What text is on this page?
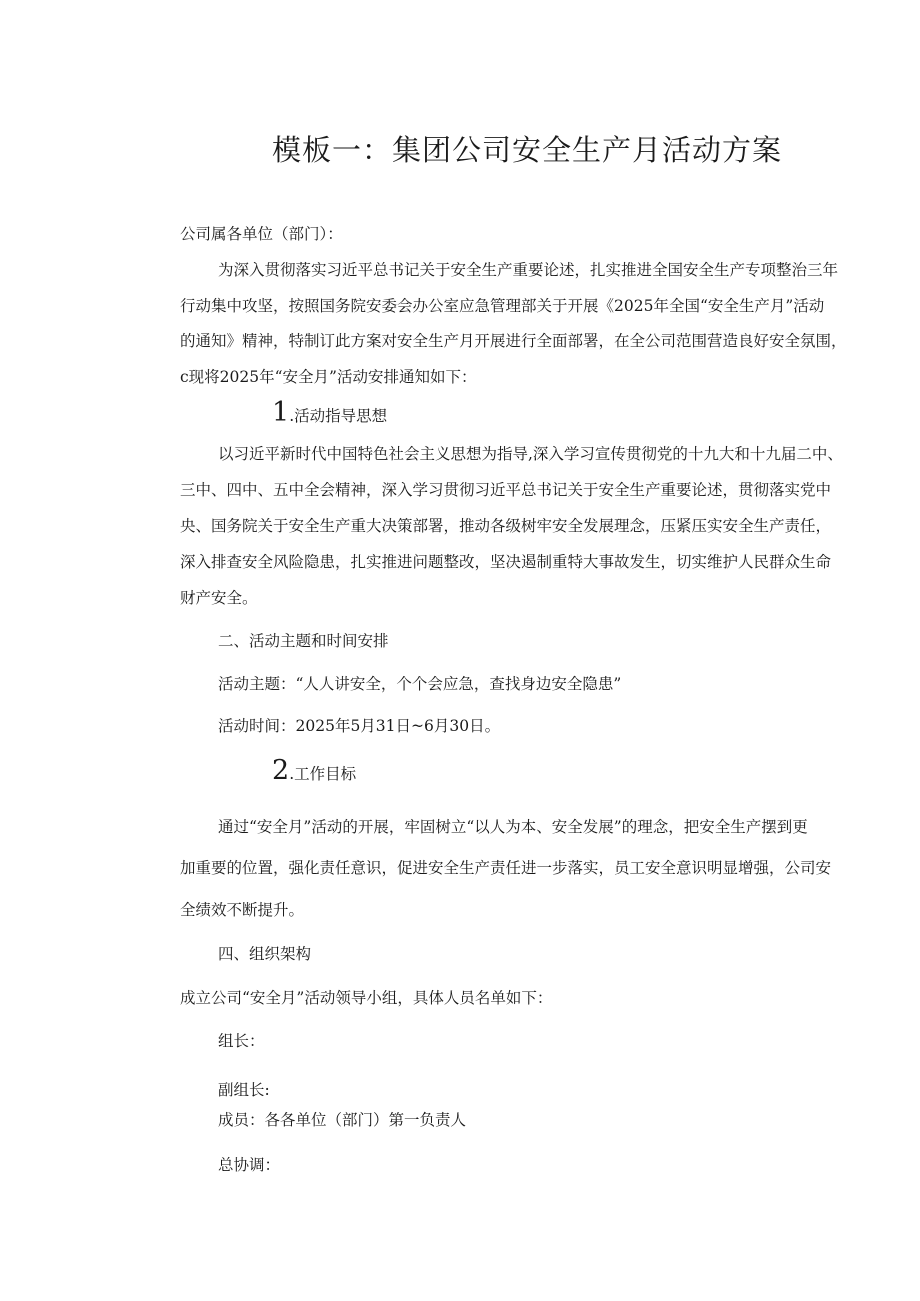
模板一：集团公司安全生产月活动方案
公司属各单位（部门）：
为深入贯彻落实习近平总书记关于安全生产重要论述，扎实推进全国安全生产专项整治三年
行动集中攻坚，按照国务院安委会办公室应急管理部关于开展《2025年全国“安全生产月”活动
的通知》精神，特制订此方案对安全生产月开展进行全面部署，在全公司范围营造良好安全氛围，
c现将2025年“安全月”活动安排通知如下：
1.活动指导思想
以习近平新时代中国特色社会主义思想为指导,深入学习宣传贯彻党的十九大和十九届二中、
三中、四中、五中全会精神，深入学习贯彻习近平总书记关于安全生产重要论述，贯彻落实党中
央、国务院关于安全生产重大决策部署，推动各级树牢安全发展理念，压紧压实安全生产责任，
深入排查安全风险隐患，扎实推进问题整改，坚决遏制重特大事故发生，切实维护人民群众生命
财产安全。
二、活动主题和时间安排
活动主题：“人人讲安全，个个会应急，查找身边安全隐患”
活动时间：2025年5月31日~6月30日。
2.工作目标
通过“安全月”活动的开展，牢固树立“以人为本、安全发展”的理念，把安全生产摆到更
加重要的位置，强化责任意识，促进安全生产责任进一步落实，员工安全意识明显增强，公司安
全绩效不断提升。
四、组织架构
成立公司“安全月”活动领导小组，具体人员名单如下：
组长：
副组长:
成员：各各单位（部门）第一负责人
总协调：
